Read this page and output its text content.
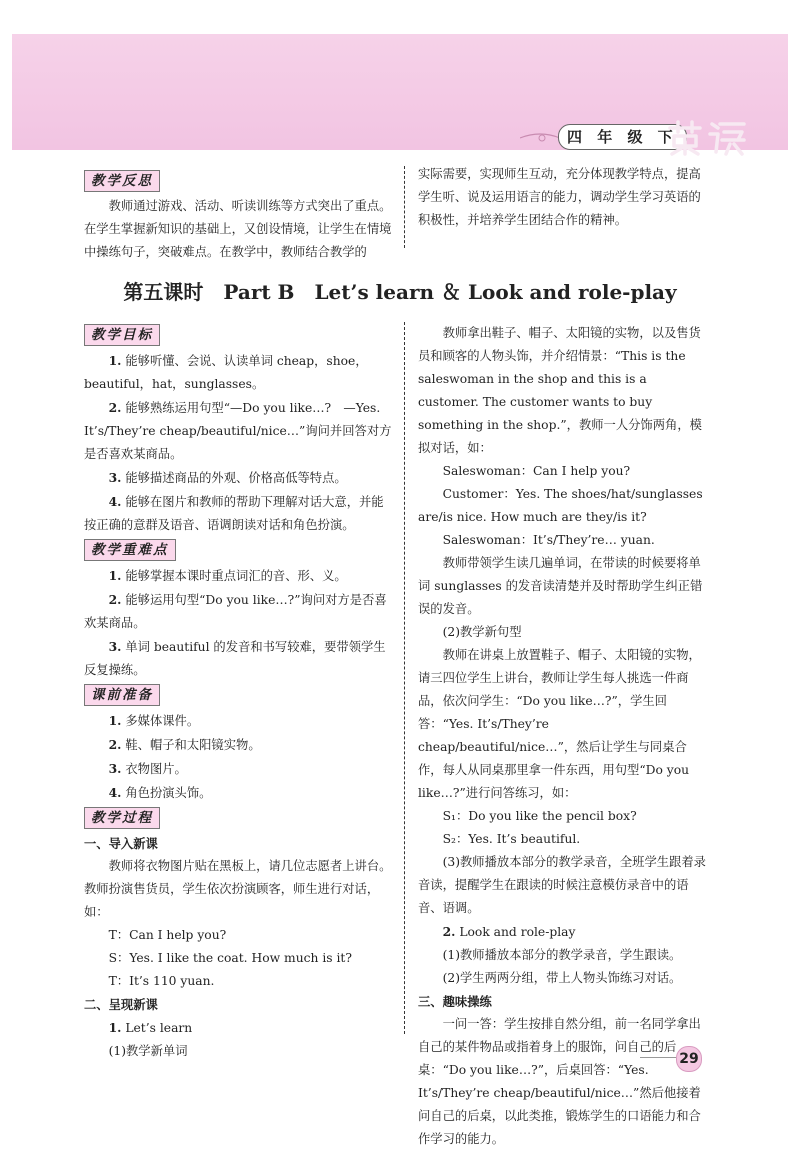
四 年 级 下
教学反思

教师通过游戏、活动、听读训练等方式突出了重点。在学生掌握新知识的基础上，又创设情境，让学生在情境中操练句子，突破难点。在教学中，教师结合教学的

实际需要，实现师生互动，充分体现教学特点，提高学生听、说及运用语言的能力，调动学生学习英语的积极性，并培养学生团结合作的精神。

第五课时　Part B　Let’s learn ＆ Look and role-play
教学目标

1. 能够听懂、会说、认读单词 cheap，shoe，beautiful，hat，sunglasses。

2. 能够熟练运用句型“—Do you like…?　—Yes. It’s/They’re cheap/beautiful/nice…”询问并回答对方是否喜欢某商品。

3. 能够描述商品的外观、价格高低等特点。

4. 能够在图片和教师的帮助下理解对话大意，并能按正确的意群及语音、语调朗读对话和角色扮演。

教学重难点

1. 能够掌握本课时重点词汇的音、形、义。

2. 能够运用句型“Do you like…?”询问对方是否喜欢某商品。

3. 单词 beautiful 的发音和书写较难，要带领学生反复操练。

课前准备

1. 多媒体课件。

2. 鞋、帽子和太阳镜实物。

3. 衣物图片。

4. 角色扮演头饰。

教学过程

一、导入新课

教师将衣物图片贴在黑板上，请几位志愿者上讲台。教师扮演售货员，学生依次扮演顾客，师生进行对话，如：

T：Can I help you?

S：Yes. I like the coat. How much is it?

T：It’s 110 yuan.

二、呈现新课

1. Let’s learn

(1)教学新单词

教师拿出鞋子、帽子、太阳镜的实物，以及售货员和顾客的人物头饰，并介绍情景：“This is the saleswoman in the shop and this is a customer. The customer wants to buy something in the shop.”，教师一人分饰两角，模拟对话，如：

Saleswoman：Can I help you?

Customer：Yes. The shoes/hat/sunglasses are/is nice. How much are they/is it?

Saleswoman：It’s/They’re… yuan.

教师带领学生读几遍单词，在带读的时候要将单词 sunglasses 的发音读清楚并及时帮助学生纠正错误的发音。

(2)教学新句型

教师在讲桌上放置鞋子、帽子、太阳镜的实物，请三四位学生上讲台，教师让学生每人挑选一件商品，依次问学生：“Do you like…?”，学生回答：“Yes. It’s/They’re cheap/beautiful/nice…”，然后让学生与同桌合作，每人从同桌那里拿一件东西，用句型“Do you like…?”进行问答练习，如：

S₁：Do you like the pencil box?

S₂：Yes. It’s beautiful.

(3)教师播放本部分的教学录音，全班学生跟着录音读，提醒学生在跟读的时候注意模仿录音中的语音、语调。

2. Look and role-play

(1)教师播放本部分的教学录音，学生跟读。

(2)学生两两分组，带上人物头饰练习对话。

三、趣味操练

一问一答：学生按排自然分组，前一名同学拿出自己的某件物品或指着身上的服饰，问自己的后桌：“Do you like…?”，后桌回答：“Yes. It’s/They’re cheap/beautiful/nice…”然后他接着问自己的后桌，以此类推，锻炼学生的口语能力和合作学习的能力。

29
